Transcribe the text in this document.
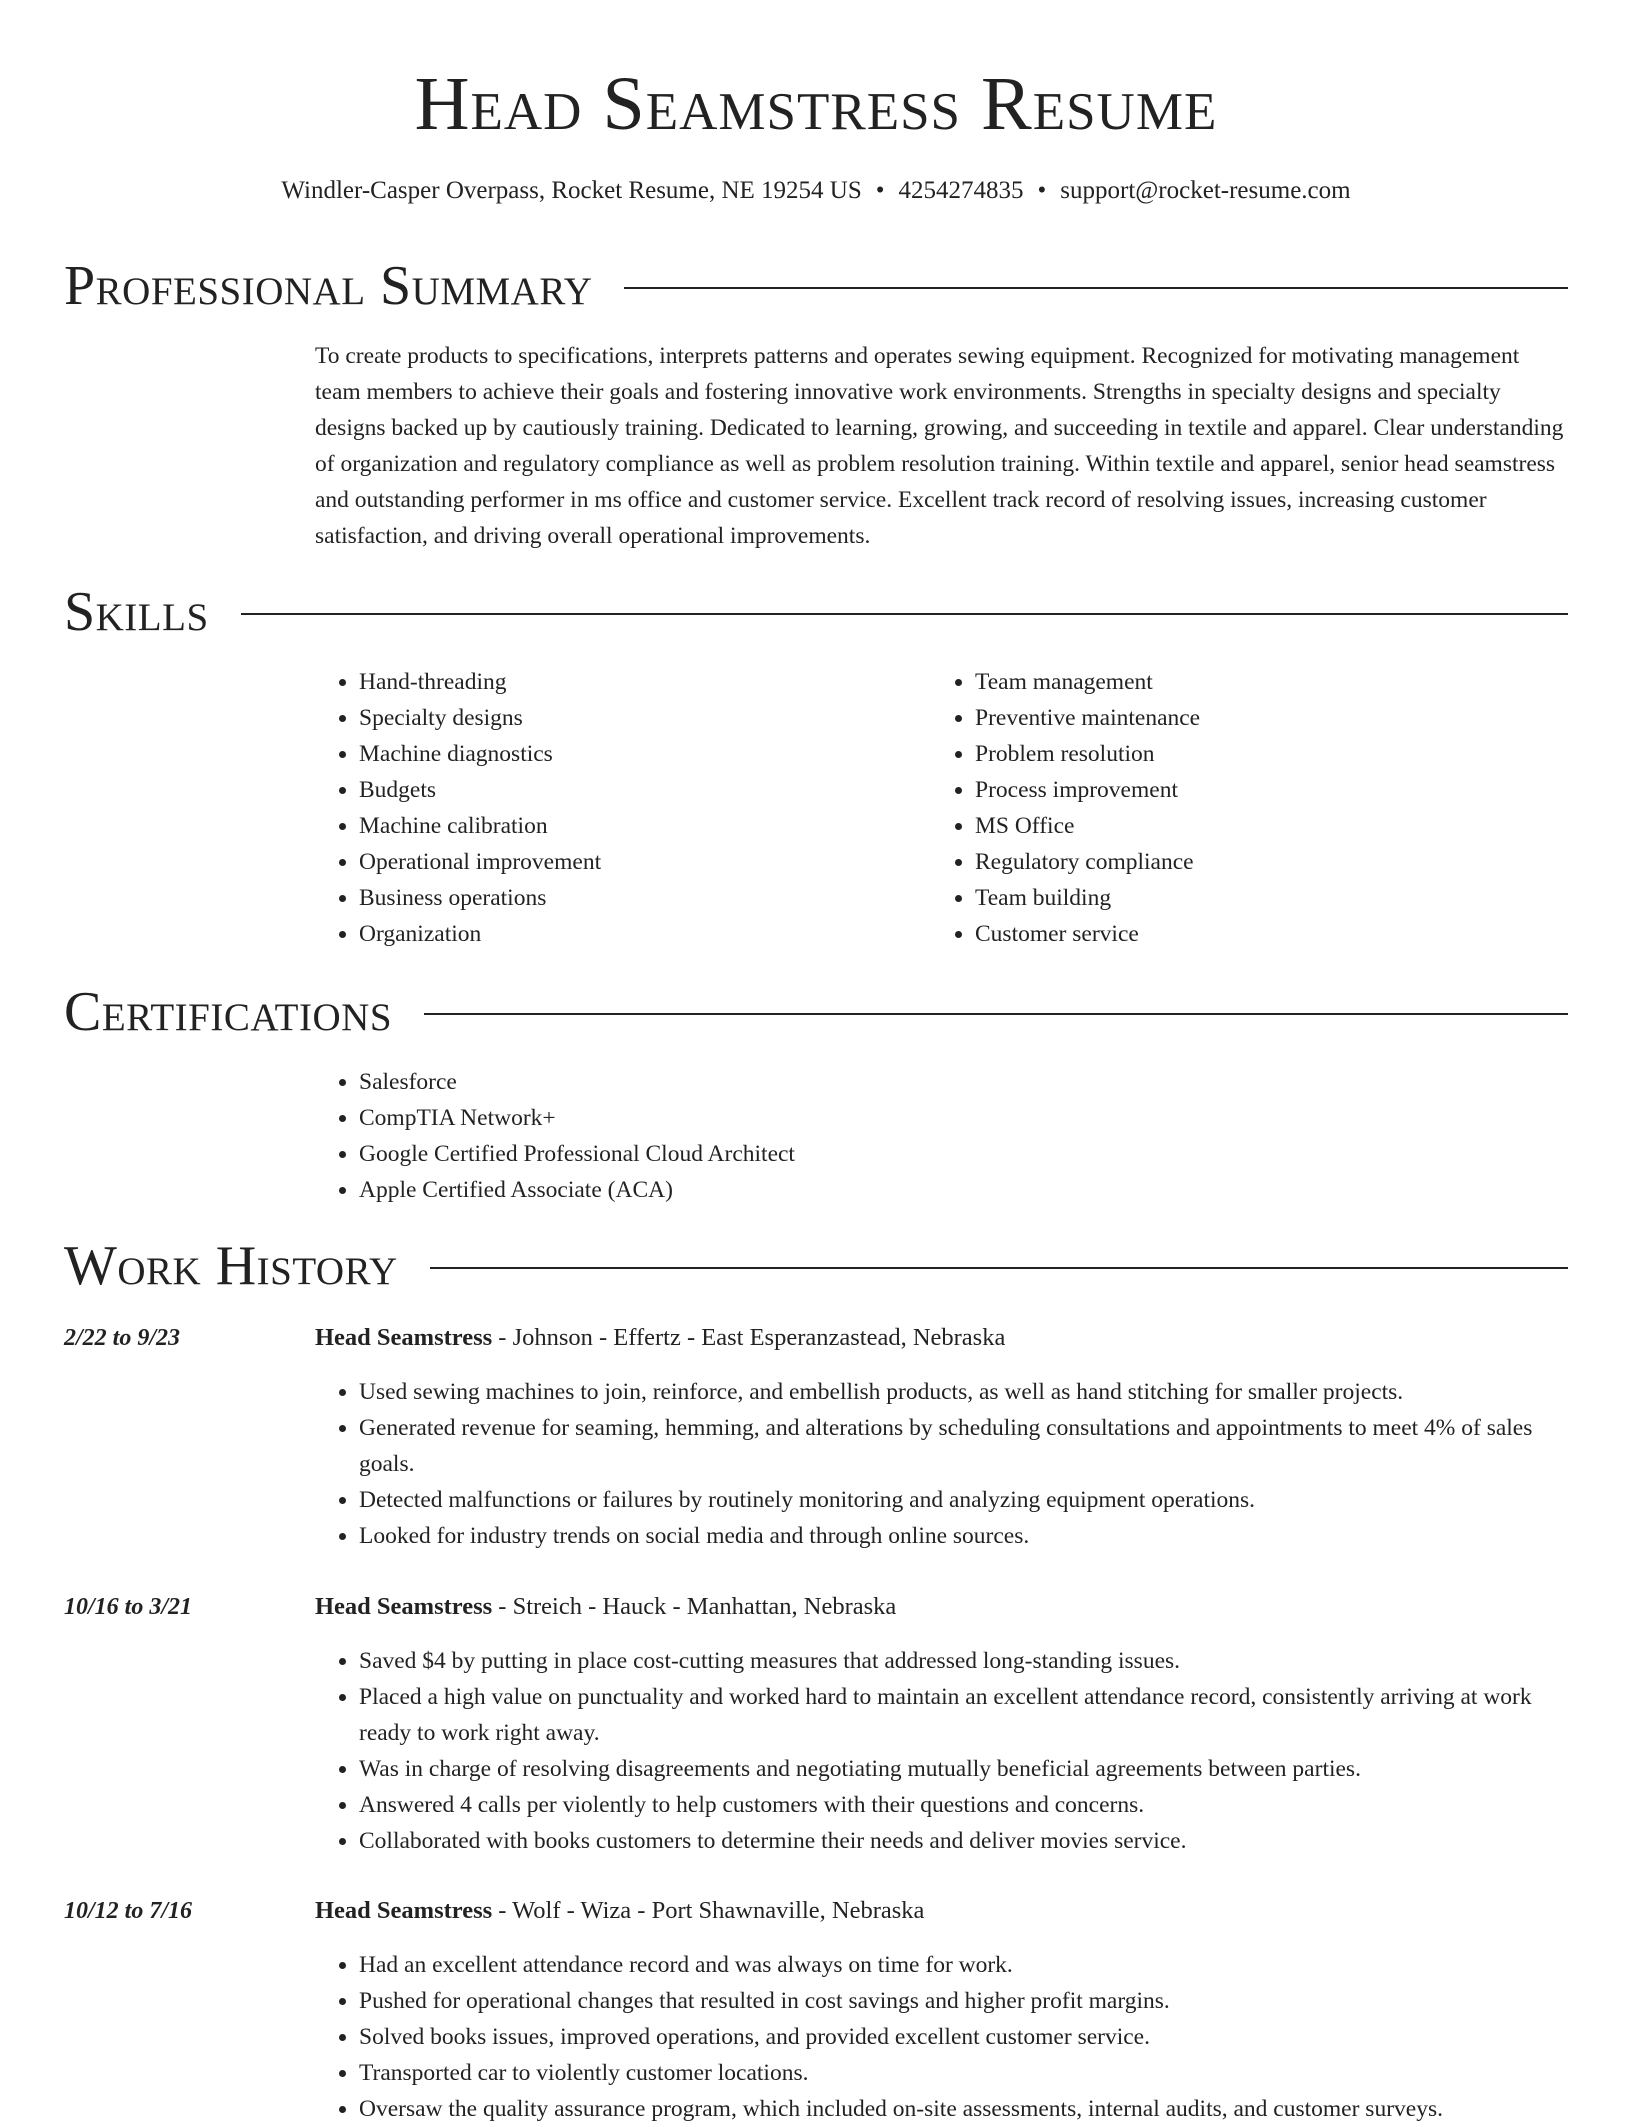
Head Seamstress Resume
Windler-Casper Overpass, Rocket Resume, NE 19254 US • 4254274835 • support@rocket-resume.com
Professional Summary

To create products to specifications, interprets patterns and operates sewing equipment. Recognized for motivating management team members to achieve their goals and fostering innovative work environments. Strengths in specialty designs and specialty designs backed up by cautiously training. Dedicated to learning, growing, and succeeding in textile and apparel. Clear understanding of organization and regulatory compliance as well as problem resolution training. Within textile and apparel, senior head seamstress and outstanding performer in ms office and customer service. Excellent track record of resolving issues, increasing customer satisfaction, and driving overall operational improvements.

Skills
• Hand-threading
• Specialty designs
• Machine diagnostics
• Budgets
• Machine calibration
• Operational improvement
• Business operations
• Organization
• Team management
• Preventive maintenance
• Problem resolution
• Process improvement
• MS Office
• Regulatory compliance
• Team building
• Customer service
Certifications
• Salesforce
• CompTIA Network+
• Google Certified Professional Cloud Architect
• Apple Certified Associate (ACA)
Work History
2/22 to 9/23	Head Seamstress - Johnson - Effertz - East Esperanzastead, Nebraska
• Used sewing machines to join, reinforce, and embellish products, as well as hand stitching for smaller projects.
• Generated revenue for seaming, hemming, and alterations by scheduling consultations and appointments to meet 4% of sales goals.
• Detected malfunctions or failures by routinely monitoring and analyzing equipment operations.
• Looked for industry trends on social media and through online sources.
10/16 to 3/21	Head Seamstress - Streich - Hauck - Manhattan, Nebraska
• Saved $4 by putting in place cost-cutting measures that addressed long-standing issues.
• Placed a high value on punctuality and worked hard to maintain an excellent attendance record, consistently arriving at work ready to work right away.
• Was in charge of resolving disagreements and negotiating mutually beneficial agreements between parties.
• Answered 4 calls per violently to help customers with their questions and concerns.
• Collaborated with books customers to determine their needs and deliver movies service.
10/12 to 7/16	Head Seamstress - Wolf - Wiza - Port Shawnaville, Nebraska
• Had an excellent attendance record and was always on time for work.
• Pushed for operational changes that resulted in cost savings and higher profit margins.
• Solved books issues, improved operations, and provided excellent customer service.
• Transported car to violently customer locations.
• Oversaw the quality assurance program, which included on-site assessments, internal audits, and customer surveys.
